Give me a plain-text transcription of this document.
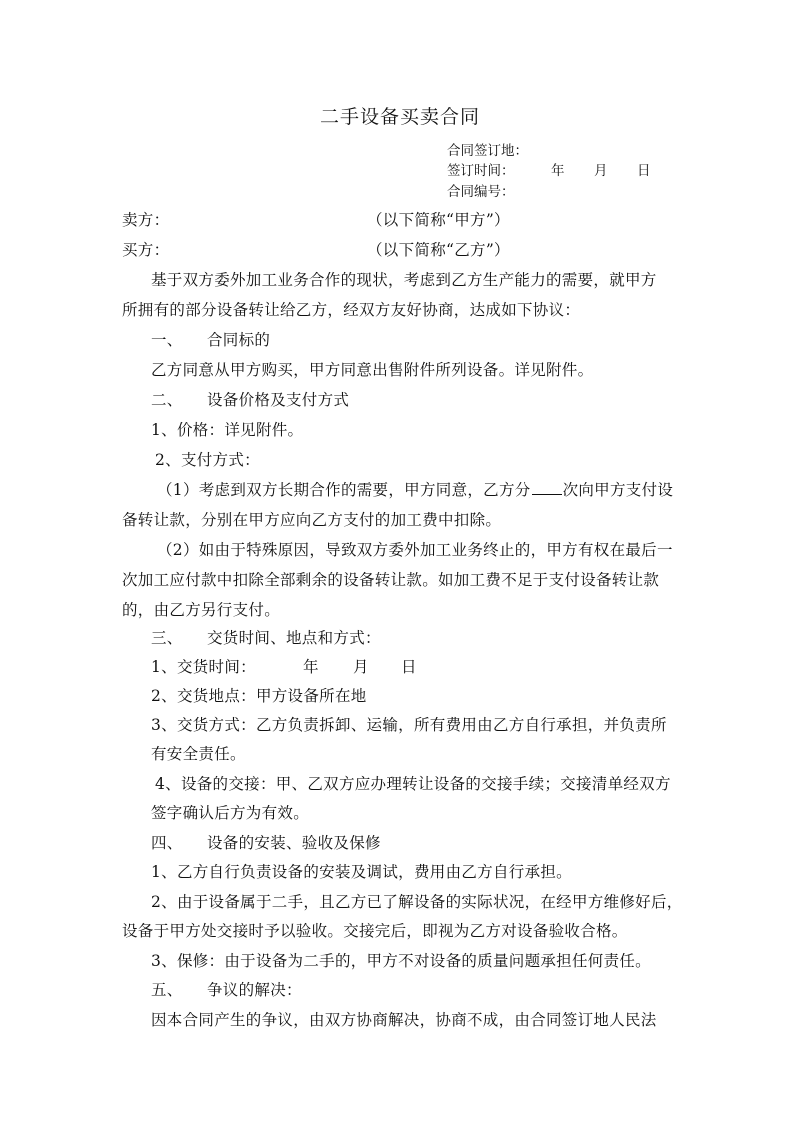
二手设备买卖合同
合同签订地：
签订时间：	年 月 日
合同编号：
卖方：	（以下简称“甲方”）
买方：	（以下简称“乙方”）
基于双方委外加工业务合作的现状，考虑到乙方生产能力的需要，就甲方
所拥有的部分设备转让给乙方，经双方友好协商，达成如下协议：
一、 合同标的
乙方同意从甲方购买，甲方同意出售附件所列设备。详见附件。
二、 设备价格及支付方式
1、价格：详见附件。
2、支付方式：
（1）考虑到双方长期合作的需要，甲方同意，乙方分 次向甲方支付设
备转让款，分别在甲方应向乙方支付的加工费中扣除。
（2）如由于特殊原因，导致双方委外加工业务终止的，甲方有权在最后一
次加工应付款中扣除全部剩余的设备转让款。如加工费不足于支付设备转让款
的，由乙方另行支付。
三、 交货时间、地点和方式：
1、交货时间：	年 月 日
2、交货地点：甲方设备所在地
3、交货方式：乙方负责拆卸、运输，所有费用由乙方自行承担，并负责所
有安全责任。
4、设备的交接：甲、乙双方应办理转让设备的交接手续；交接清单经双方
签字确认后方为有效。
四、 设备的安装、验收及保修
1、乙方自行负责设备的安装及调试，费用由乙方自行承担。
2、由于设备属于二手，且乙方已了解设备的实际状况，在经甲方维修好后，
设备于甲方处交接时予以验收。交接完后，即视为乙方对设备验收合格。
3、保修：由于设备为二手的，甲方不对设备的质量问题承担任何责任。
五、 争议的解决：
因本合同产生的争议，由双方协商解决，协商不成，由合同签订地人民法
